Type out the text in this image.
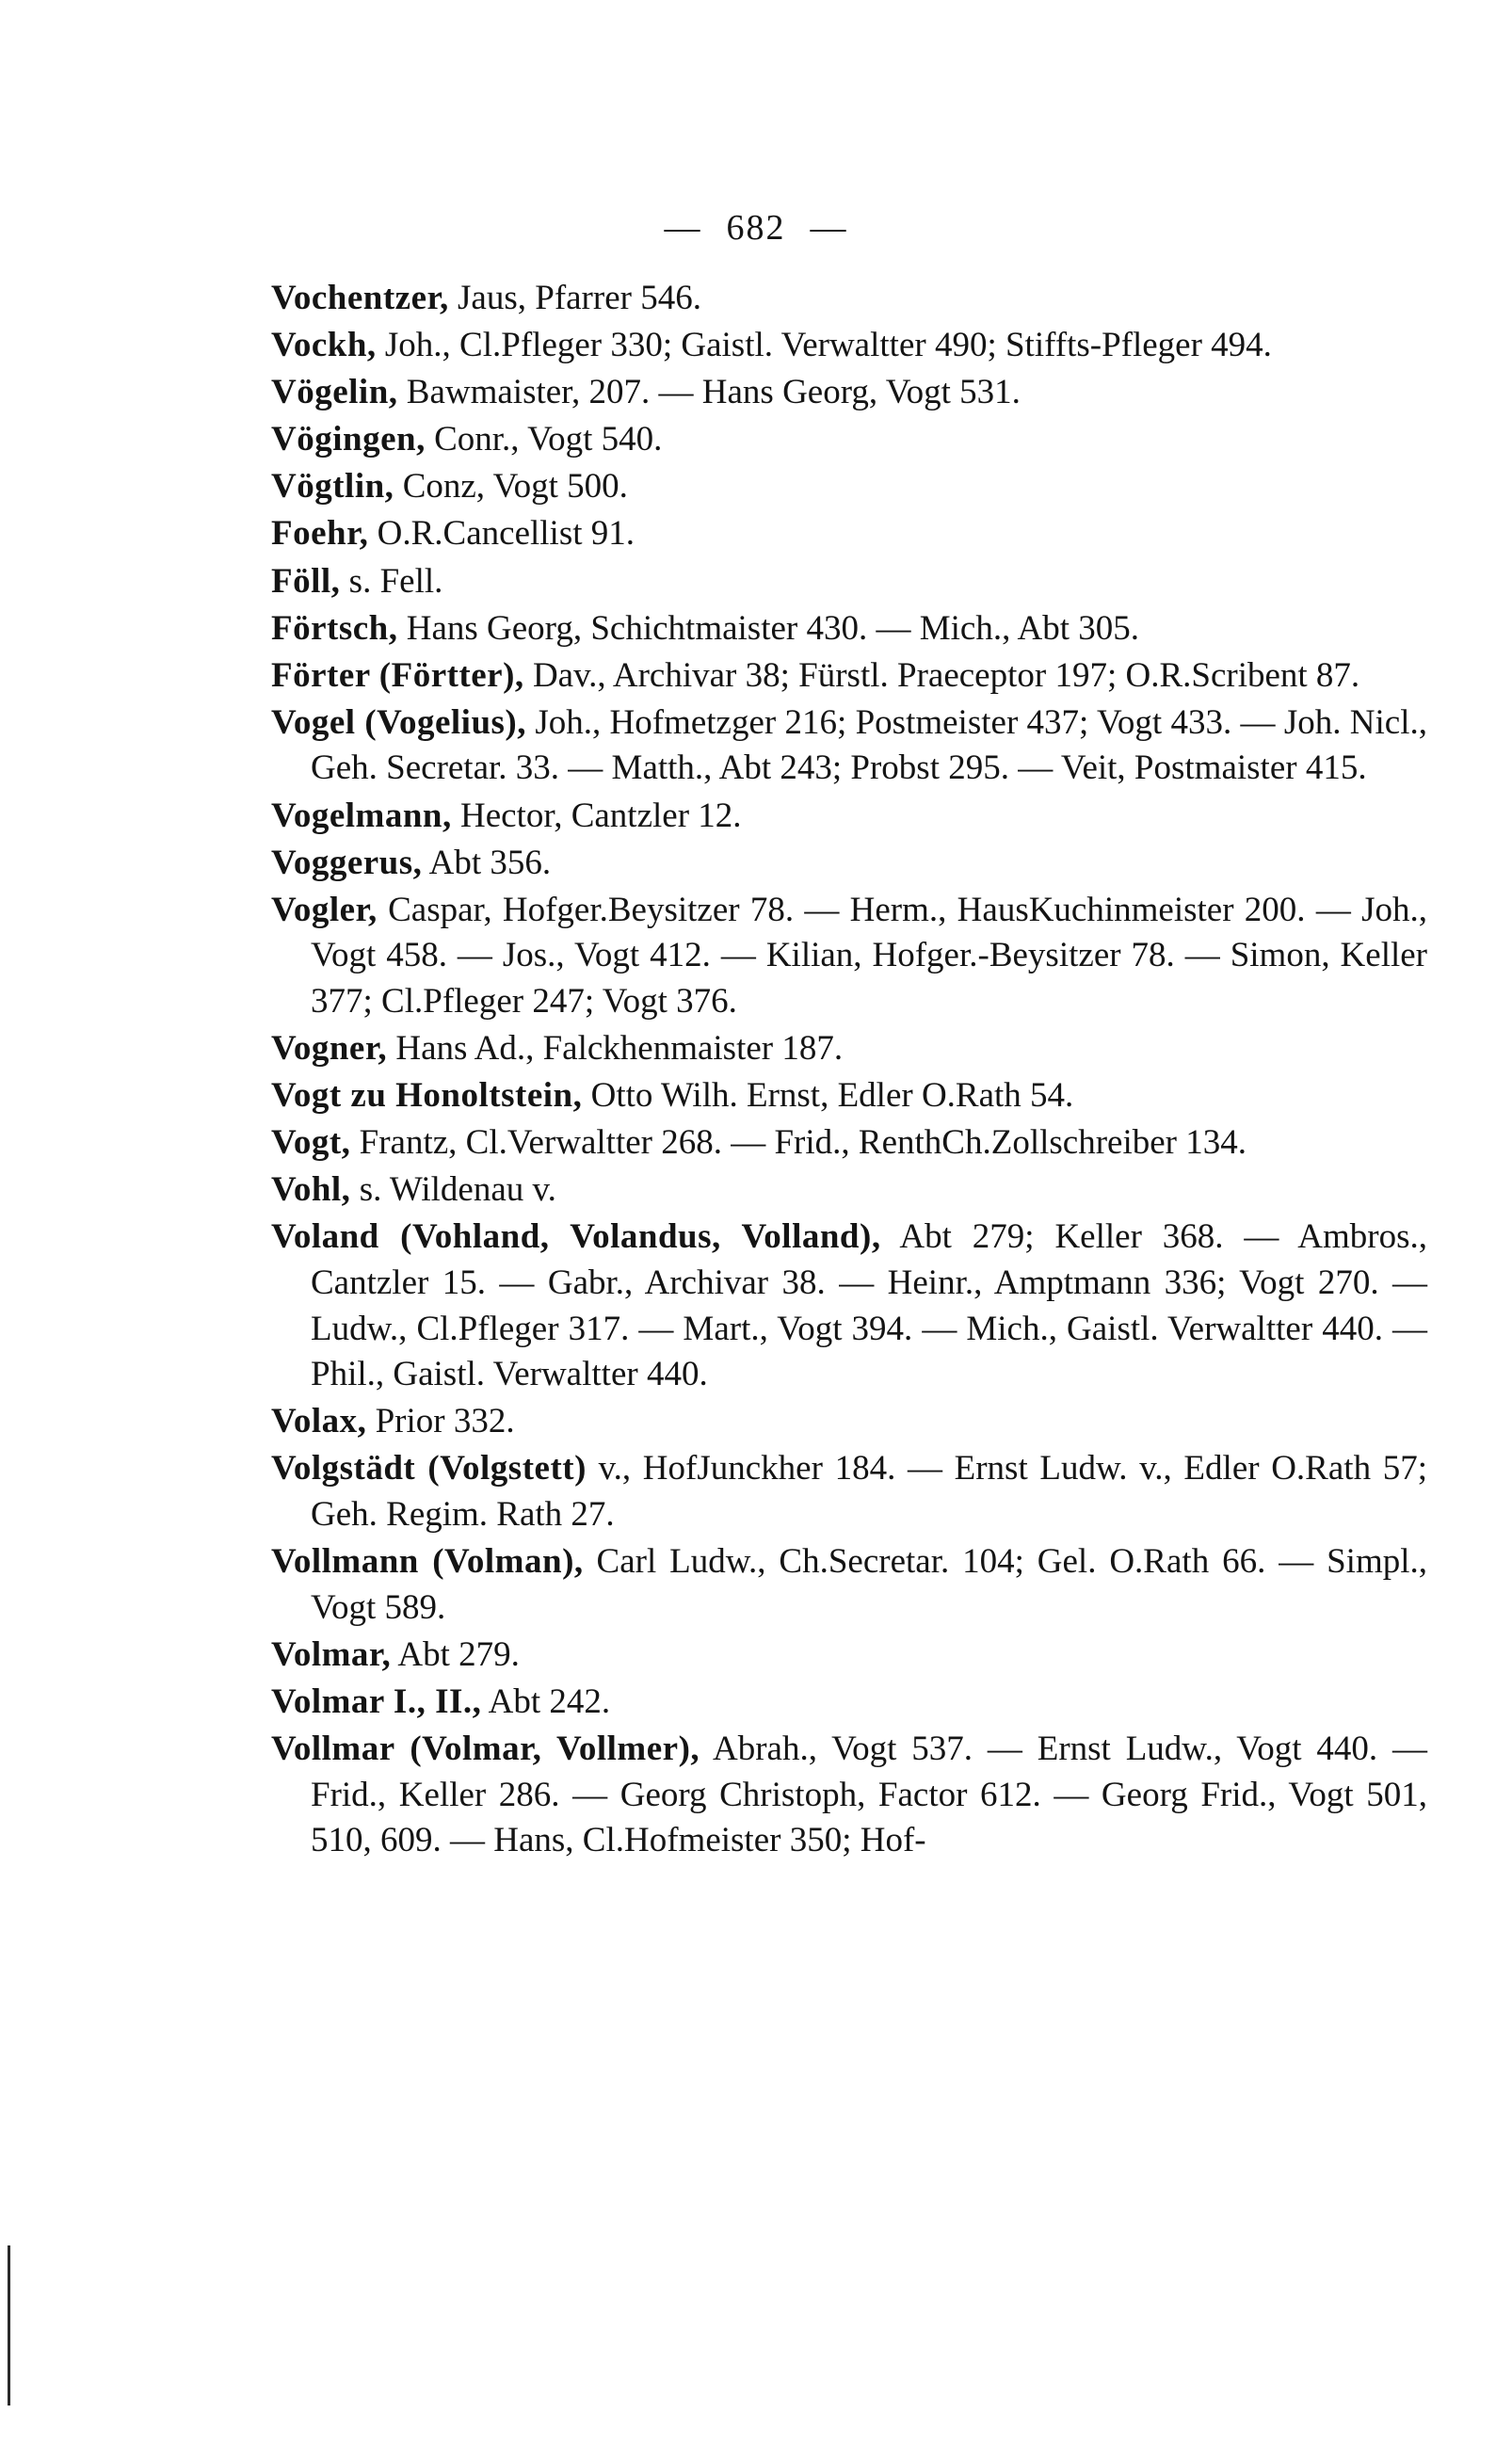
— 682 —
Vochentzer, Jaus, Pfarrer 546.
Vockh, Joh., Cl.Pfleger 330; Gaistl. Verwaltter 490; Stiffts-Pfleger 494.
Vögelin, Bawmaister, 207. — Hans Georg, Vogt 531.
Vögingen, Conr., Vogt 540.
Vögtlin, Conz, Vogt 500.
Foehr, O.R.Cancellist 91.
Föll, s. Fell.
Förtsch, Hans Georg, Schichtmaister 430. — Mich., Abt 305.
Förter (Förtter), Dav., Archivar 38; Fürstl. Praeceptor 197; O.R.Scribent 87.
Vogel (Vogelius), Joh., Hofmetzger 216; Postmeister 437; Vogt 433. — Joh. Nicl., Geh. Secretar. 33. — Matth., Abt 243; Probst 295. — Veit, Postmaister 415.
Vogelmann, Hector, Cantzler 12.
Voggerus, Abt 356.
Vogler, Caspar, Hofger.Beysitzer 78. — Herm., HausKuchinmeister 200. — Joh., Vogt 458. — Jos., Vogt 412. — Kilian, Hofger.-Beysitzer 78. — Simon, Keller 377; Cl.Pfleger 247; Vogt 376.
Vogner, Hans Ad., Falckhenmaister 187.
Vogt zu Honoltstein, Otto Wilh. Ernst, Edler O.Rath 54.
Vogt, Frantz, Cl.Verwaltter 268. — Frid., RenthCh.Zollschreiber 134.
Vohl, s. Wildenau v.
Voland (Vohland, Volandus, Volland), Abt 279; Keller 368. — Ambros., Cantzler 15. — Gabr., Archivar 38. — Heinr., Amptmann 336; Vogt 270. — Ludw., Cl.Pfleger 317. — Mart., Vogt 394. — Mich., Gaistl. Verwaltter 440. — Phil., Gaistl. Verwaltter 440.
Volax, Prior 332.
Volgstädt (Volgstett) v., HofJunckher 184. — Ernst Ludw. v., Edler O.Rath 57; Geh. Regim. Rath 27.
Vollmann (Volman), Carl Ludw., Ch.Secretar. 104; Gel. O.Rath 66. — Simpl., Vogt 589.
Volmar, Abt 279.
Volmar I., II., Abt 242.
Vollmar (Volmar, Vollmer), Abrah., Vogt 537. — Ernst Ludw., Vogt 440. — Frid., Keller 286. — Georg Christoph, Factor 612. — Georg Frid., Vogt 501, 510, 609. — Hans, Cl.Hofmeister 350; Hof-
